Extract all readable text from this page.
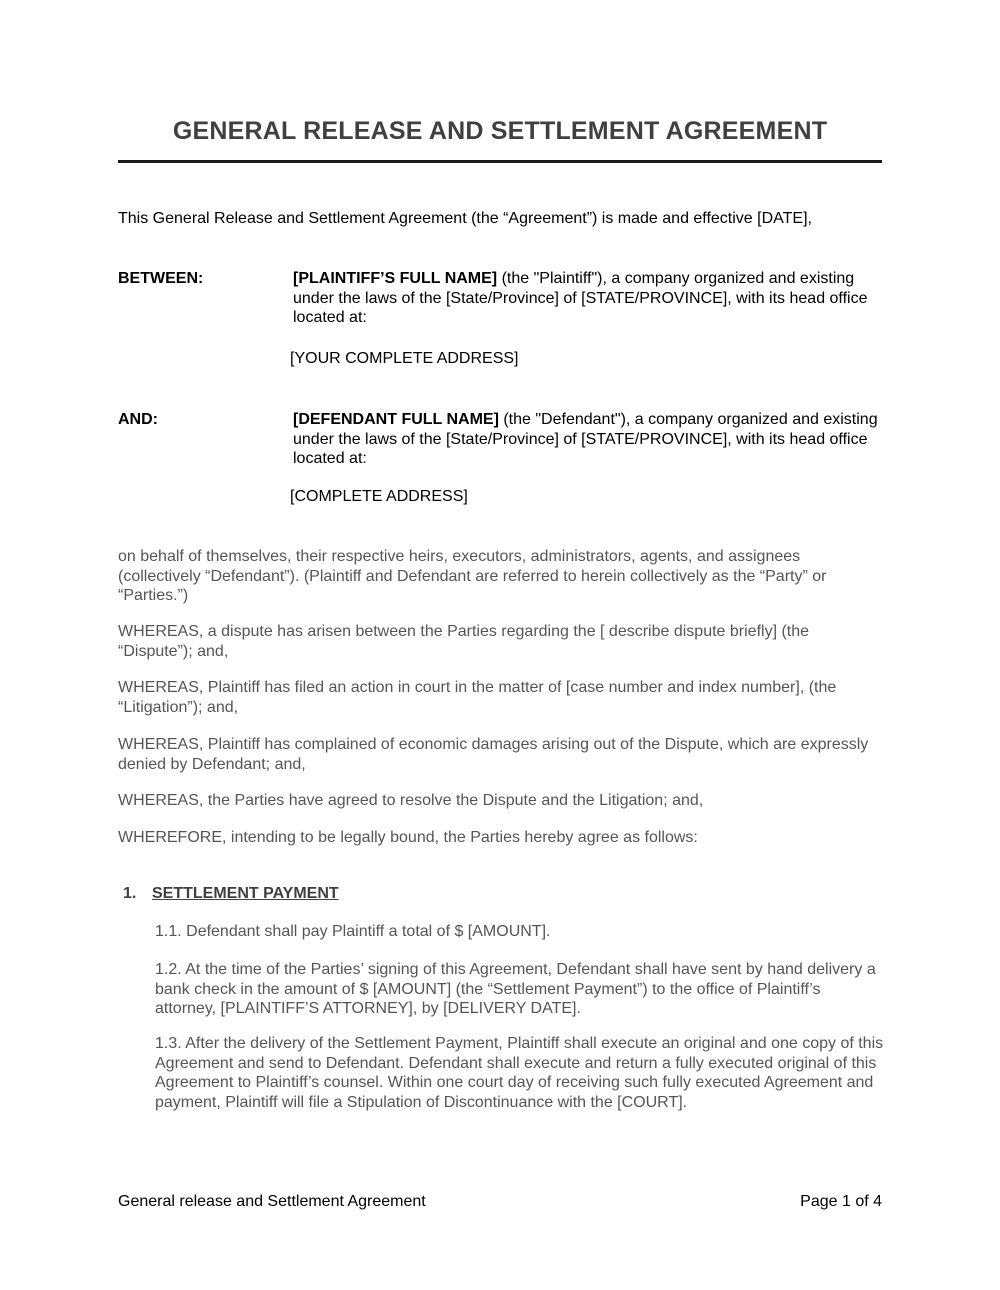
GENERAL RELEASE AND SETTLEMENT AGREEMENT
This General Release and Settlement Agreement (the “Agreement”) is made and effective [DATE],
BETWEEN:	[PLAINTIFF’S FULL NAME] (the "Plaintiff"), a company organized and existing under the laws of the [State/Province] of [STATE/PROVINCE], with its head office located at:
[YOUR COMPLETE ADDRESS]
AND:	[DEFENDANT FULL NAME] (the "Defendant"), a company organized and existing under the laws of the [State/Province] of [STATE/PROVINCE], with its head office located at:
[COMPLETE ADDRESS]
on behalf of themselves, their respective heirs, executors, administrators, agents, and assignees (collectively “Defendant”). (Plaintiff and Defendant are referred to herein collectively as the “Party” or “Parties.”)
WHEREAS, a dispute has arisen between the Parties regarding the [ describe dispute briefly] (the “Dispute”); and,
WHEREAS, Plaintiff has filed an action in court in the matter of [case number and index number], (the “Litigation”); and,
WHEREAS, Plaintiff has complained of economic damages arising out of the Dispute, which are expressly denied by Defendant; and,
WHEREAS, the Parties have agreed to resolve the Dispute and the Litigation; and,
WHEREFORE, intending to be legally bound, the Parties hereby agree as follows:
1. SETTLEMENT PAYMENT
1.1. Defendant shall pay Plaintiff a total of $ [AMOUNT].
1.2. At the time of the Parties’ signing of this Agreement, Defendant shall have sent by hand delivery a bank check in the amount of $ [AMOUNT] (the “Settlement Payment”) to the office of Plaintiff’s attorney, [PLAINTIFF’S ATTORNEY], by [DELIVERY DATE].
1.3. After the delivery of the Settlement Payment, Plaintiff shall execute an original and one copy of this Agreement and send to Defendant. Defendant shall execute and return a fully executed original of this Agreement to Plaintiff’s counsel. Within one court day of receiving such fully executed Agreement and payment, Plaintiff will file a Stipulation of Discontinuance with the [COURT].
General release and Settlement Agreement	Page 1 of 4
